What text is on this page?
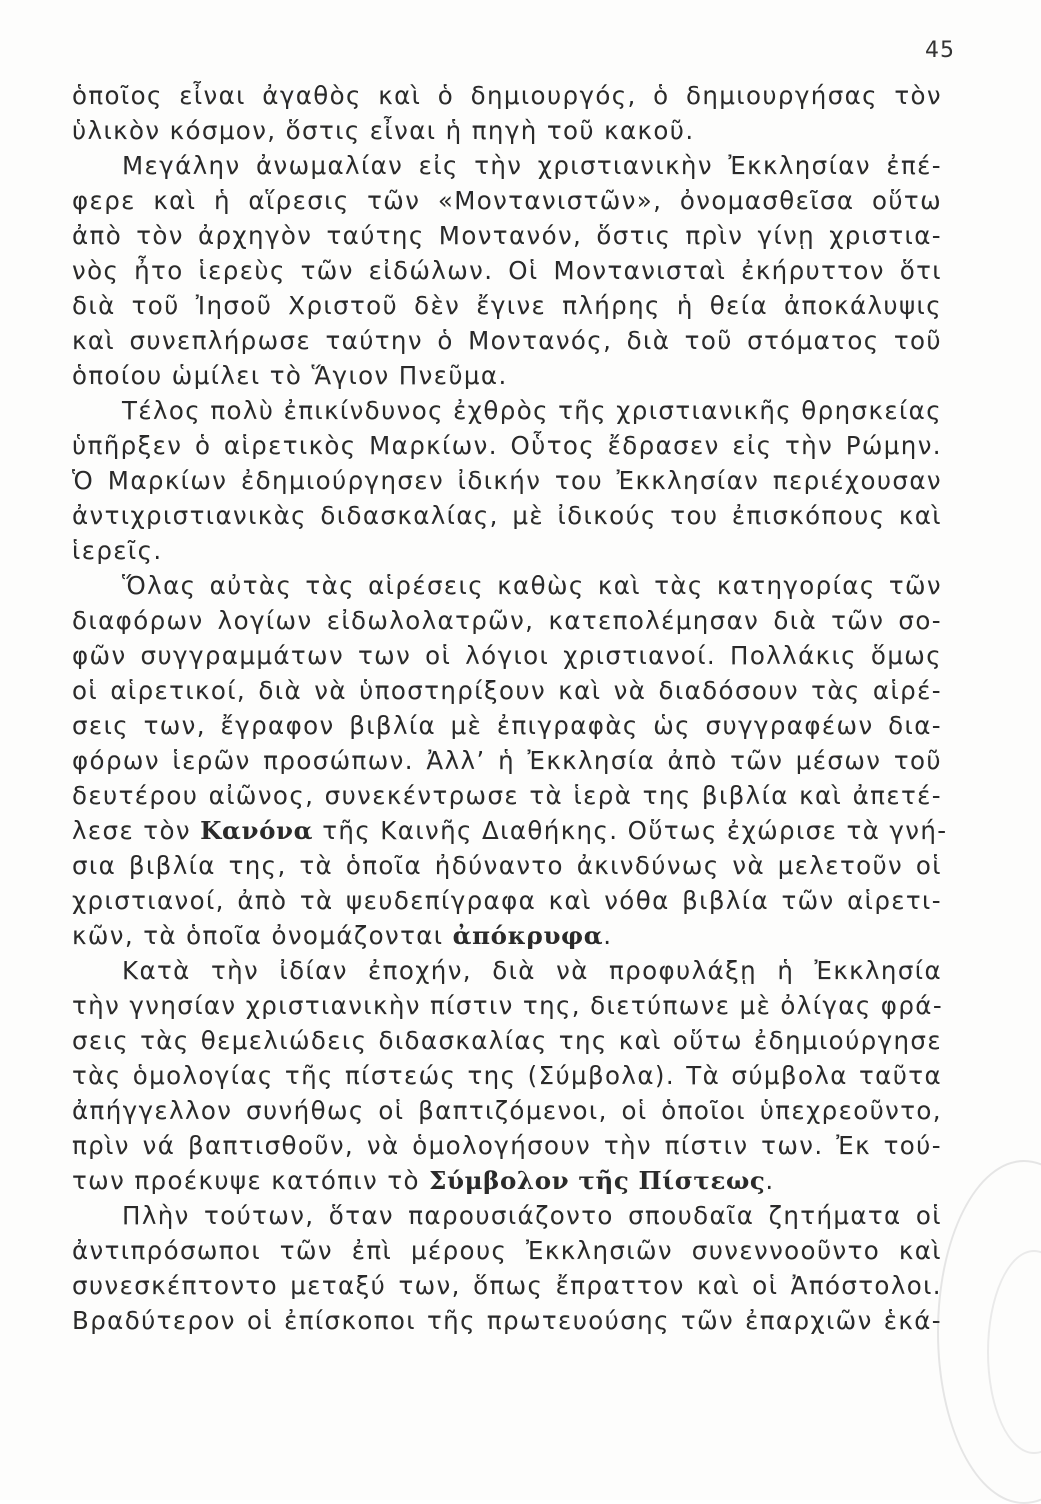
45
ὁποῖος εἶναι ἀγαθὸς καὶ ὁ δημιουργός, ὁ δημιουργήσας τὸν
ὑλικὸν κόσμον, ὅστις εἶναι ἡ πηγὴ τοῦ κακοῦ.
Μεγάλην ἀνωμαλίαν εἰς τὴν χριστιανικὴν Ἐκκλησίαν ἐπέ-
φερε καὶ ἡ αἵρεσις τῶν «Μοντανιστῶν», ὀνομασθεῖσα οὕτω
ἀπὸ τὸν ἀρχηγὸν ταύτης Μοντανόν, ὅστις πρὶν γίνῃ χριστια-
νὸς ἦτο ἱερεὺς τῶν εἰδώλων. Οἱ Μοντανισταὶ ἐκήρυττον ὅτι
διὰ τοῦ Ἰησοῦ Χριστοῦ δὲν ἔγινε πλήρης ἡ θεία ἀποκάλυψις
καὶ συνεπλήρωσε ταύτην ὁ Μοντανός, διὰ τοῦ στόματος τοῦ
ὁποίου ὡμίλει τὸ Ἅγιον Πνεῦμα.
Τέλος πολὺ ἐπικίνδυνος ἐχθρὸς τῆς χριστιανικῆς θρησκείας
ὑπῆρξεν ὁ αἱρετικὸς Μαρκίων. Οὗτος ἔδρασεν εἰς τὴν Ρώμην.
Ὁ Μαρκίων ἐδημιούργησεν ἰδικήν του Ἐκκλησίαν περιέχουσαν
ἀντιχριστιανικὰς διδασκαλίας, μὲ ἰδικούς του ἐπισκόπους καὶ
ἱερεῖς.
Ὅλας αὐτὰς τὰς αἱρέσεις καθὼς καὶ τὰς κατηγορίας τῶν
διαφόρων λογίων εἰδωλολατρῶν, κατεπολέμησαν διὰ τῶν σο-
φῶν συγγραμμάτων των οἱ λόγιοι χριστιανοί. Πολλάκις ὅμως
οἱ αἱρετικοί, διὰ νὰ ὑποστηρίξουν καὶ νὰ διαδόσουν τὰς αἱρέ-
σεις των, ἔγραφον βιβλία μὲ ἐπιγραφὰς ὡς συγγραφέων δια-
φόρων ἱερῶν προσώπων. Ἀλλ’ ἡ Ἐκκλησία ἀπὸ τῶν μέσων τοῦ
δευτέρου αἰῶνος, συνεκέντρωσε τὰ ἱερὰ της βιβλία καὶ ἀπετέ-
λεσε τὸν Κανόνα τῆς Καινῆς Διαθήκης. Οὕτως ἐχώρισε τὰ γνή-
σια βιβλία της, τὰ ὁποῖα ἠδύναντο ἀκινδύνως νὰ μελετοῦν οἱ
χριστιανοί, ἀπὸ τὰ ψευδεπίγραφα καὶ νόθα βιβλία τῶν αἱρετι-
κῶν, τὰ ὁποῖα ὀνομάζονται ἀπόκρυφα.
Κατὰ τὴν ἰδίαν ἐποχήν, διὰ νὰ προφυλάξῃ ἡ Ἐκκλησία
τὴν γνησίαν χριστιανικὴν πίστιν της, διετύπωνε μὲ ὀλίγας φρά-
σεις τὰς θεμελιώδεις διδασκαλίας της καὶ οὕτω ἐδημιούργησε
τὰς ὁμολογίας τῆς πίστεώς της (Σύμβολα). Τὰ σύμβολα ταῦτα
ἀπήγγελλον συνήθως οἱ βαπτιζόμενοι, οἱ ὁποῖοι ὑπεχρεοῦντο,
πρὶν νά βαπτισθοῦν, νὰ ὁμολογήσουν τὴν πίστιν των. Ἐκ τού-
των προέκυψε κατόπιν τὸ Σύμβολον τῆς Πίστεως.
Πλὴν τούτων, ὅταν παρουσιάζοντο σπουδαῖα ζητήματα οἱ
ἀντιπρόσωποι τῶν ἐπὶ μέρους Ἐκκλησιῶν συνεννοοῦντο καὶ
συνεσκέπτοντο μεταξύ των, ὅπως ἔπραττον καὶ οἱ Ἀπόστολοι.
Βραδύτερον οἱ ἐπίσκοποι τῆς πρωτευούσης τῶν ἐπαρχιῶν ἑκά-
